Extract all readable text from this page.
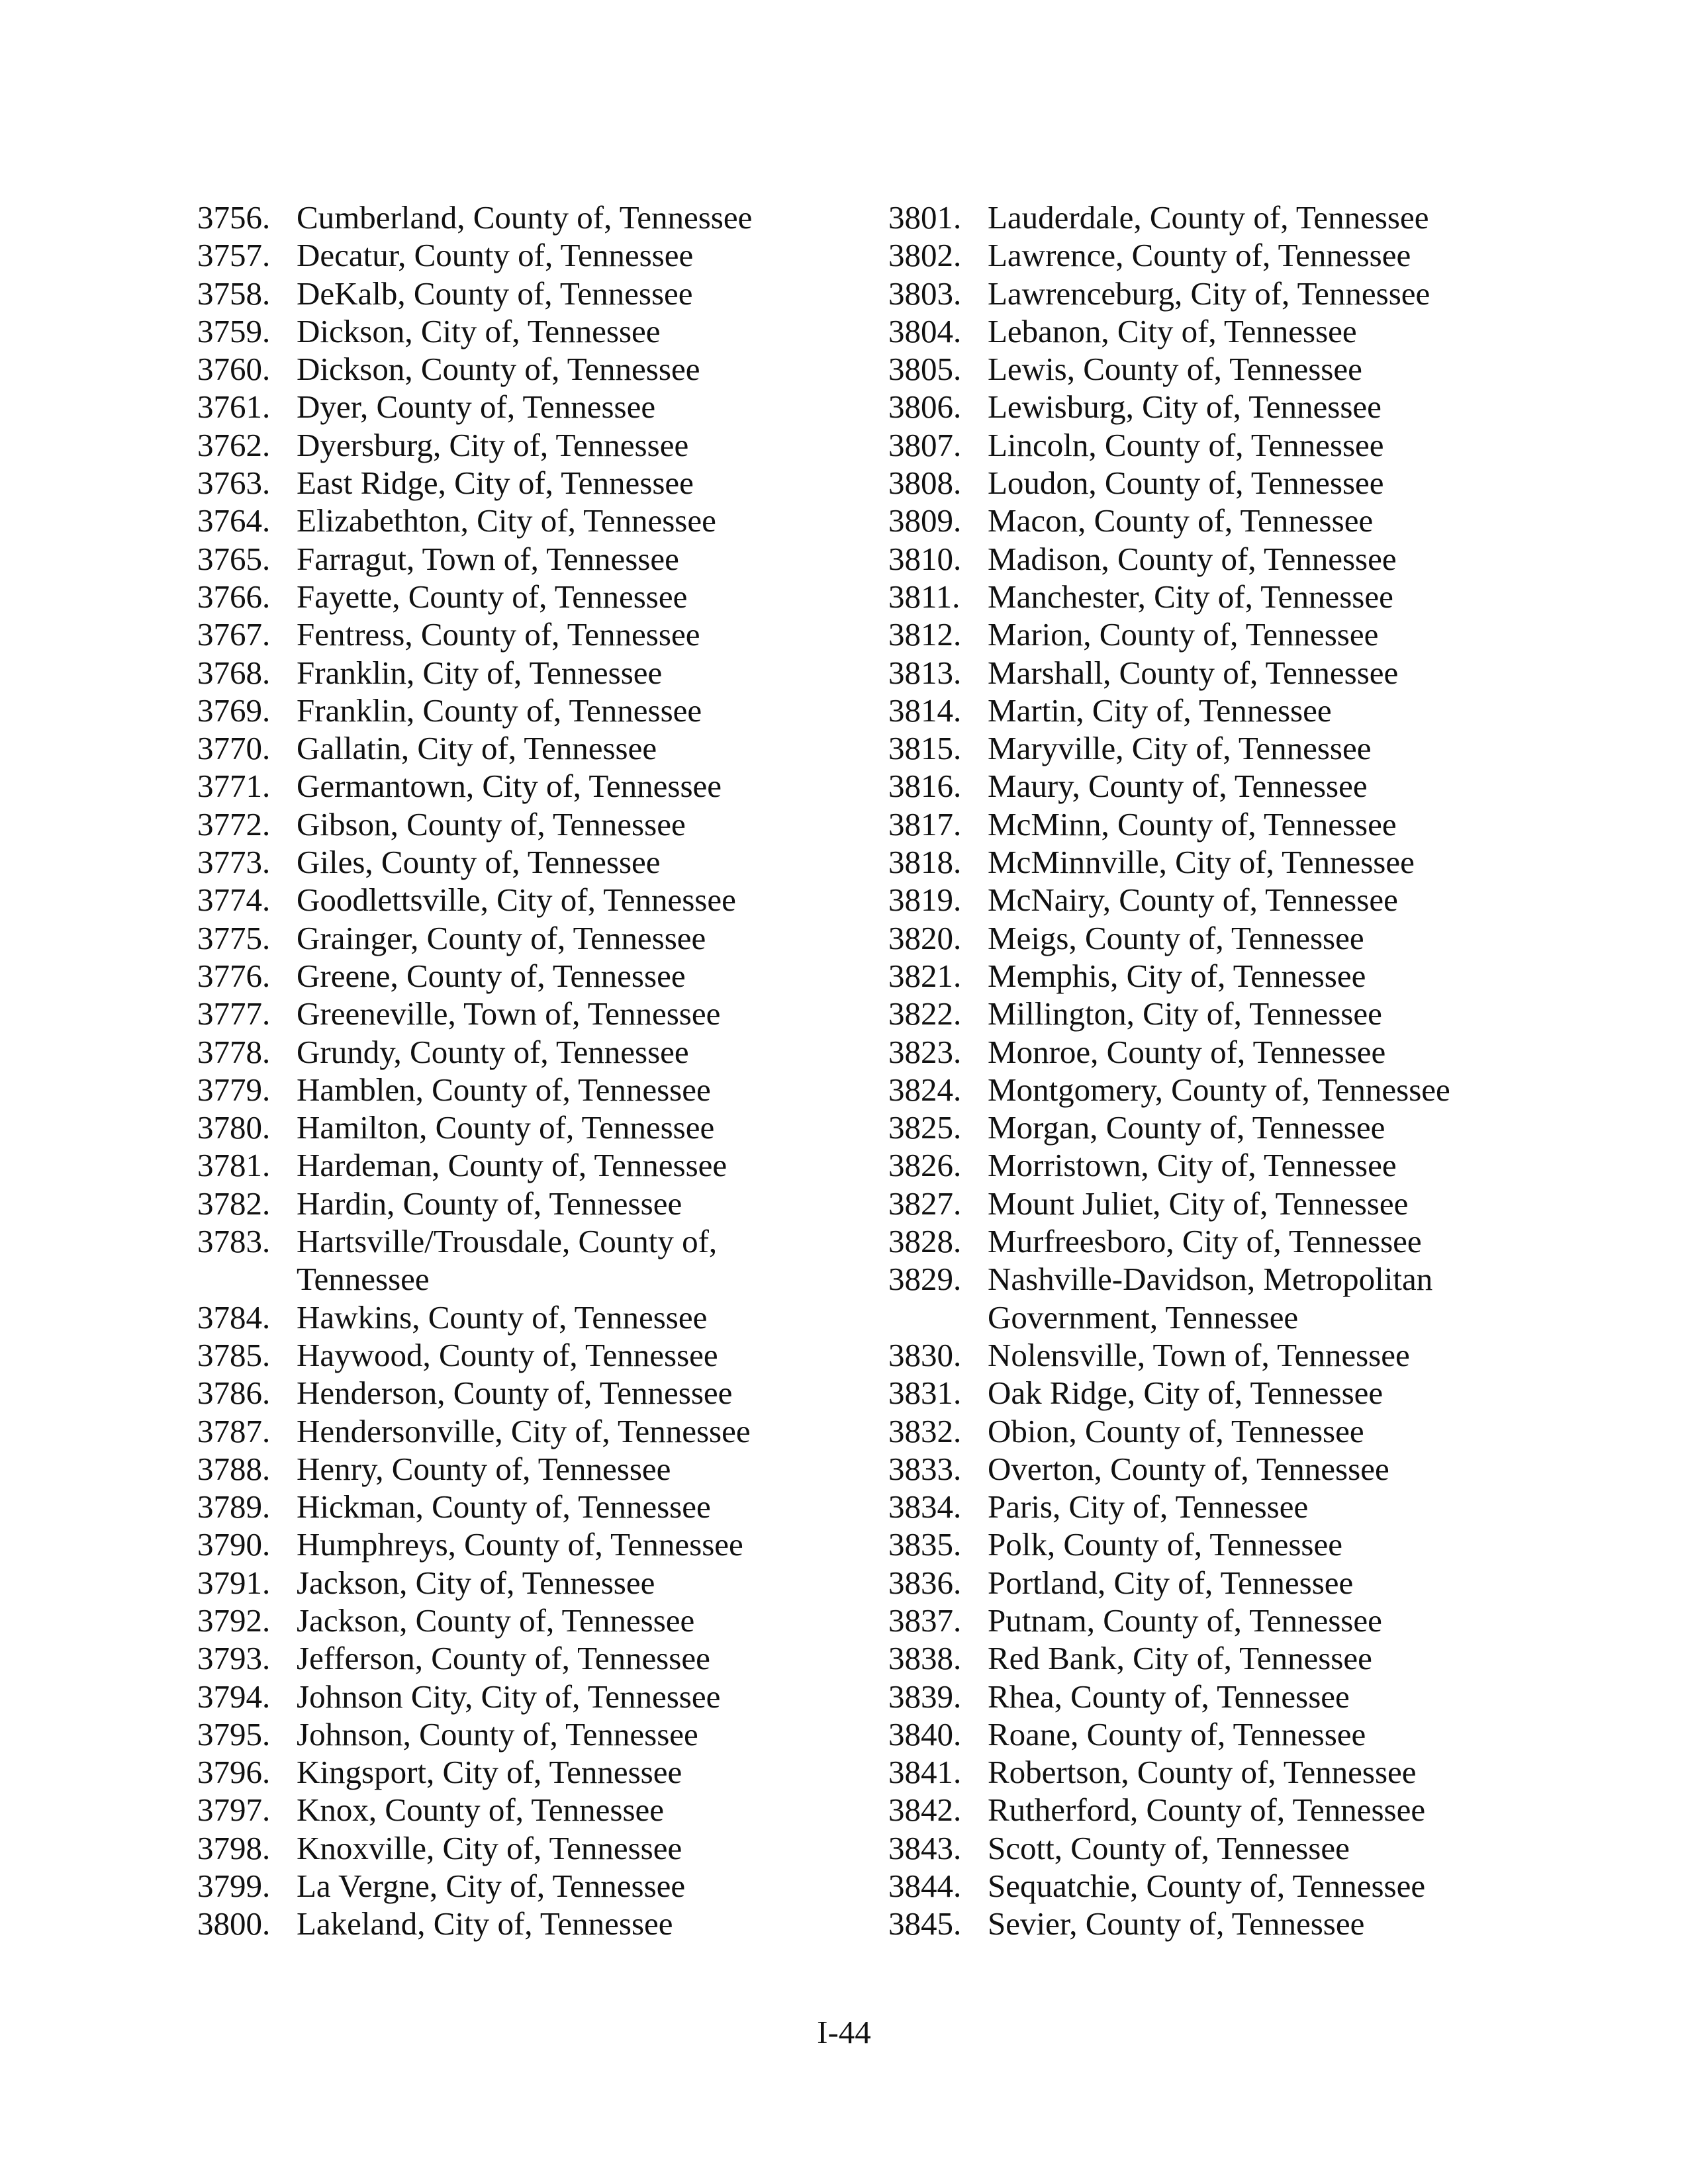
3756. Cumberland, County of, Tennessee
3757. Decatur, County of, Tennessee
3758. DeKalb, County of, Tennessee
3759. Dickson, City of, Tennessee
3760. Dickson, County of, Tennessee
3761. Dyer, County of, Tennessee
3762. Dyersburg, City of, Tennessee
3763. East Ridge, City of, Tennessee
3764. Elizabethton, City of, Tennessee
3765. Farragut, Town of, Tennessee
3766. Fayette, County of, Tennessee
3767. Fentress, County of, Tennessee
3768. Franklin, City of, Tennessee
3769. Franklin, County of, Tennessee
3770. Gallatin, City of, Tennessee
3771. Germantown, City of, Tennessee
3772. Gibson, County of, Tennessee
3773. Giles, County of, Tennessee
3774. Goodlettsville, City of, Tennessee
3775. Grainger, County of, Tennessee
3776. Greene, County of, Tennessee
3777. Greeneville, Town of, Tennessee
3778. Grundy, County of, Tennessee
3779. Hamblen, County of, Tennessee
3780. Hamilton, County of, Tennessee
3781. Hardeman, County of, Tennessee
3782. Hardin, County of, Tennessee
3783. Hartsville/Trousdale, County of,
Tennessee
3784. Hawkins, County of, Tennessee
3785. Haywood, County of, Tennessee
3786. Henderson, County of, Tennessee
3787. Hendersonville, City of, Tennessee
3788. Henry, County of, Tennessee
3789. Hickman, County of, Tennessee
3790. Humphreys, County of, Tennessee
3791. Jackson, City of, Tennessee
3792. Jackson, County of, Tennessee
3793. Jefferson, County of, Tennessee
3794. Johnson City, City of, Tennessee
3795. Johnson, County of, Tennessee
3796. Kingsport, City of, Tennessee
3797. Knox, County of, Tennessee
3798. Knoxville, City of, Tennessee
3799. La Vergne, City of, Tennessee
3800. Lakeland, City of, Tennessee
3801. Lauderdale, County of, Tennessee
3802. Lawrence, County of, Tennessee
3803. Lawrenceburg, City of, Tennessee
3804. Lebanon, City of, Tennessee
3805. Lewis, County of, Tennessee
3806. Lewisburg, City of, Tennessee
3807. Lincoln, County of, Tennessee
3808. Loudon, County of, Tennessee
3809. Macon, County of, Tennessee
3810. Madison, County of, Tennessee
3811. Manchester, City of, Tennessee
3812. Marion, County of, Tennessee
3813. Marshall, County of, Tennessee
3814. Martin, City of, Tennessee
3815. Maryville, City of, Tennessee
3816. Maury, County of, Tennessee
3817. McMinn, County of, Tennessee
3818. McMinnville, City of, Tennessee
3819. McNairy, County of, Tennessee
3820. Meigs, County of, Tennessee
3821. Memphis, City of, Tennessee
3822. Millington, City of, Tennessee
3823. Monroe, County of, Tennessee
3824. Montgomery, County of, Tennessee
3825. Morgan, County of, Tennessee
3826. Morristown, City of, Tennessee
3827. Mount Juliet, City of, Tennessee
3828. Murfreesboro, City of, Tennessee
3829. Nashville-Davidson, Metropolitan
Government, Tennessee
3830. Nolensville, Town of, Tennessee
3831. Oak Ridge, City of, Tennessee
3832. Obion, County of, Tennessee
3833. Overton, County of, Tennessee
3834. Paris, City of, Tennessee
3835. Polk, County of, Tennessee
3836. Portland, City of, Tennessee
3837. Putnam, County of, Tennessee
3838. Red Bank, City of, Tennessee
3839. Rhea, County of, Tennessee
3840. Roane, County of, Tennessee
3841. Robertson, County of, Tennessee
3842. Rutherford, County of, Tennessee
3843. Scott, County of, Tennessee
3844. Sequatchie, County of, Tennessee
3845. Sevier, County of, Tennessee
I-44
